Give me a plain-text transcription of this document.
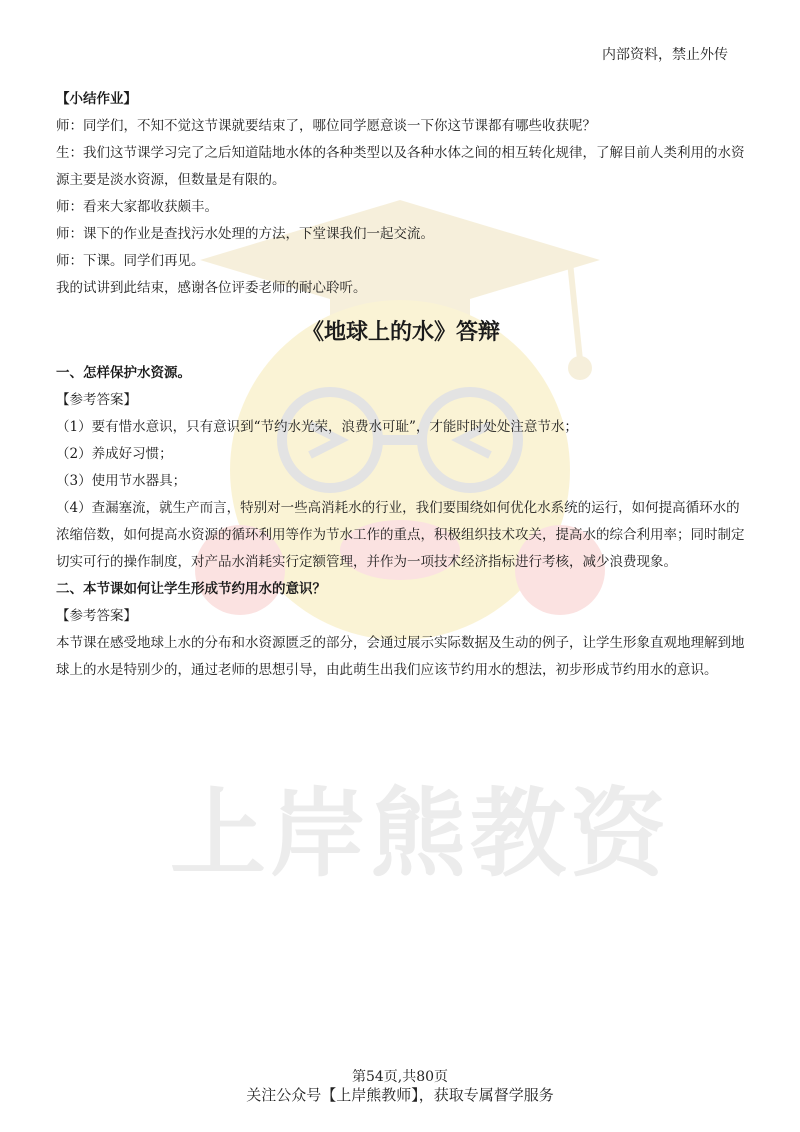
内部资料，禁止外传
上岸熊教资

【小结作业】

师：同学们，不知不觉这节课就要结束了，哪位同学愿意谈一下你这节课都有哪些收获呢？

生：我们这节课学习完了之后知道陆地水体的各种类型以及各种水体之间的相互转化规律，了解目前人类利用的水资源主要是淡水资源，但数量是有限的。

师：看来大家都收获颇丰。

师：课下的作业是查找污水处理的方法，下堂课我们一起交流。

师：下课。同学们再见。

我的试讲到此结束，感谢各位评委老师的耐心聆听。

《地球上的水》答辩

一、怎样保护水资源。

【参考答案】

（1）要有惜水意识，只有意识到“节约水光荣，浪费水可耻”，才能时时处处注意节水；

（2）养成好习惯；

（3）使用节水器具；

（4）查漏塞流，就生产而言，特别对一些高消耗水的行业，我们要围绕如何优化水系统的运行，如何提高循环水的浓缩倍数，如何提高水资源的循环利用等作为节水工作的重点，积极组织技术攻关，提高水的综合利用率；同时制定切实可行的操作制度，对产品水消耗实行定额管理，并作为一项技术经济指标进行考核，减少浪费现象。

二、本节课如何让学生形成节约用水的意识？

【参考答案】

本节课在感受地球上水的分布和水资源匮乏的部分，会通过展示实际数据及生动的例子，让学生形象直观地理解到地球上的水是特别少的，通过老师的思想引导，由此萌生出我们应该节约用水的想法，初步形成节约用水的意识。

第54页,共80页
关注公众号【上岸熊教师】，获取专属督学服务
